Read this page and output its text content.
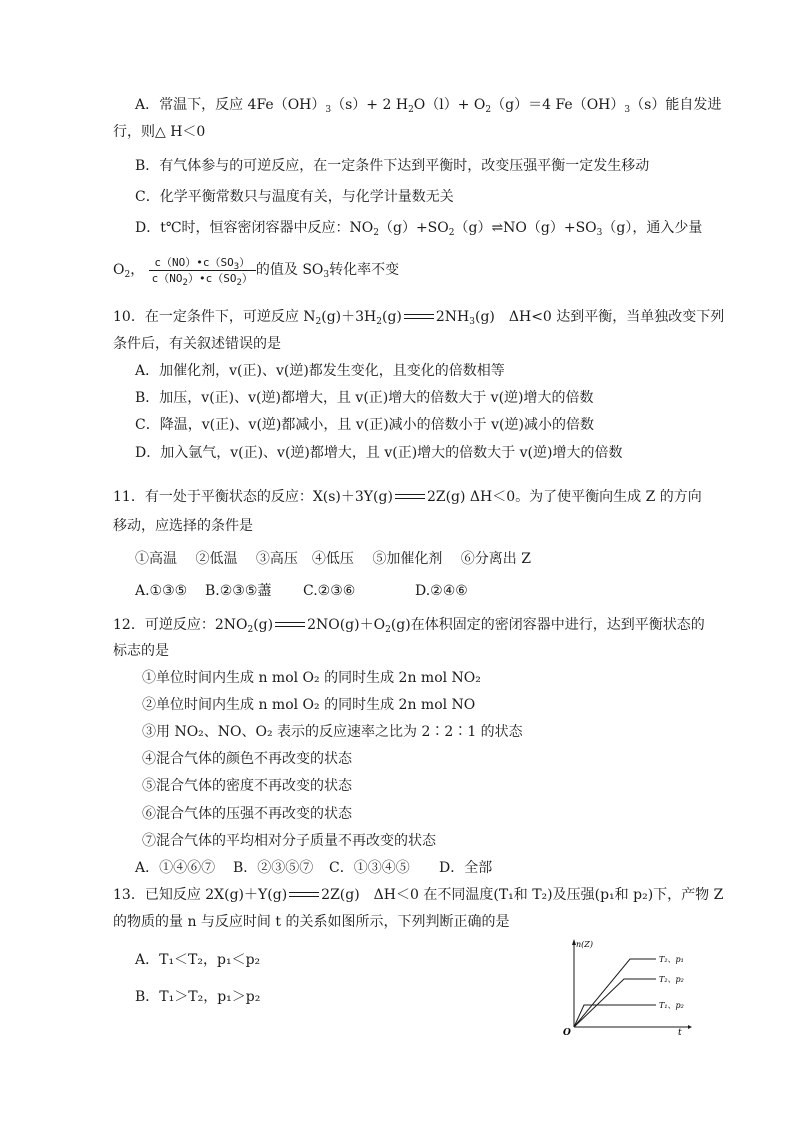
A．常温下，反应 $4Fe(OH)_3(s)+ 2$ $H_2O(l)+ O_2(g)=4$ $Fe(OH)_3(s)$能自发进
行，则△ H＜0
B．有气体参与的可逆反应，在一定条件下达到平衡时，改变压强平衡一定发生移动
C．化学平衡常数只与温度有关，与化学计量数无关
D．t℃时，恒容密闭容器中反应：$NO_2(g)+SO_2(g)\rightleftharpoons NO(g)+SO_3(g)$，通入少量
$O_2$， $\frac{c(NO)•c(SO_3)}{c(NO_2)•c(SO_2)}$ 的值及 $SO_3$转化率不变
10．在一定条件下，可逆反应 $N_2(g)+3H_2(g)$ $2NH_3(g)$　ΔH<0 达到平衡，当单独改变下列
条件后，有关叙述错误的是
A．加催化剂，v(正)、v(逆)都发生变化，且变化的倍数相等
B．加压，v(正)、v(逆)都增大，且 v(正)增大的倍数大于 v(逆)增大的倍数
C．降温，v(正)、v(逆)都减小，且 v(正)减小的倍数小于 v(逆)减小的倍数
D．加入氩气，v(正)、v(逆)都增大，且 v(正)增大的倍数大于 v(逆)增大的倍数
11．有一处于平衡状态的反应：X(s)＋3Y(g) 2Z(g) ΔH＜0。为了使平衡向生成 Z 的方向
移动，应选择的条件是
①高温　 ②低温　 ③高压　④低压　 ⑤加催化剂　 ⑥分离出 Z
A.①③⑤ B.②③⑤藎 C.②③⑥	D.②④⑥
12．可逆反应：$2NO_2(g)$ $2NO(g)+O_2(g)$在体积固定的密闭容器中进行，达到平衡状态的
标志的是
①单位时间内生成 n mol O₂ 的同时生成 2n mol NO₂
②单位时间内生成 n mol O₂ 的同时生成 2n mol NO
③用 NO₂、NO、O₂ 表示的反应速率之比为 2∶2∶1 的状态
④混合气体的颜色不再改变的状态
⑤混合气体的密度不再改变的状态
⑥混合气体的压强不再改变的状态
⑦混合气体的平均相对分子质量不再改变的状态
A．①④⑥⑦ B．②③⑤⑦ C．①③④⑤ D．全部
13．已知反应 2X(g)＋Y(g) 2Z(g)　ΔH＜0 在不同温度(T₁和 T₂)及压强(p₁和 p₂)下，产物 Z
的物质的量 n 与反应时间 t 的关系如图所示，下列判断正确的是
A．T₁＜T₂，p₁＜p₂
B．T₁＞T₂，p₁＞p₂
n(Z)
t
O
T₂、p₁
T₂、p₂
T₁、p₂
